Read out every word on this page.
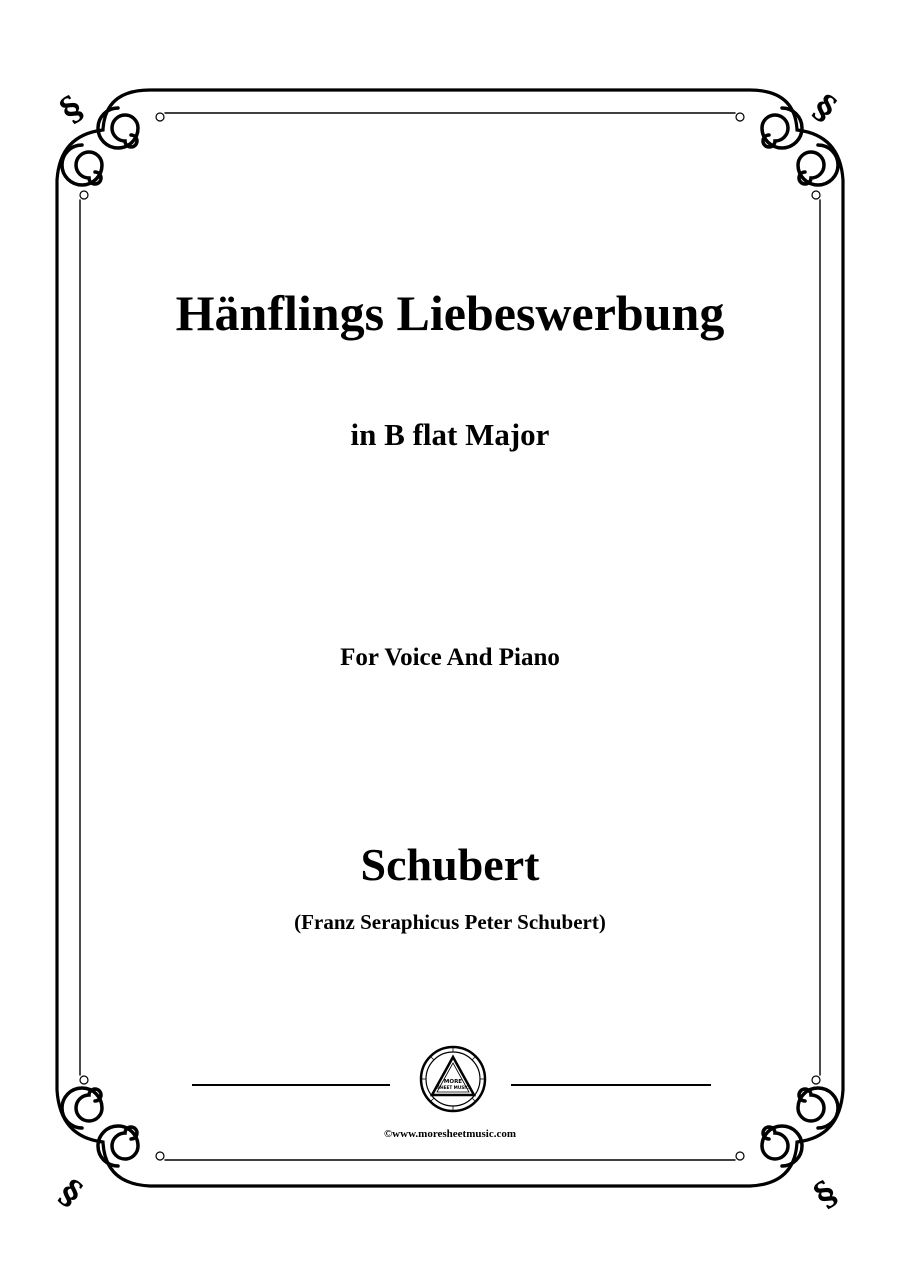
§	§
§	§
Hänflings Liebeswerbung
in B flat Major
For Voice And Piano
Schubert
(Franz Seraphicus Peter Schubert)
MORE
SHEET MUSIC
©www.moresheetmusic.com
